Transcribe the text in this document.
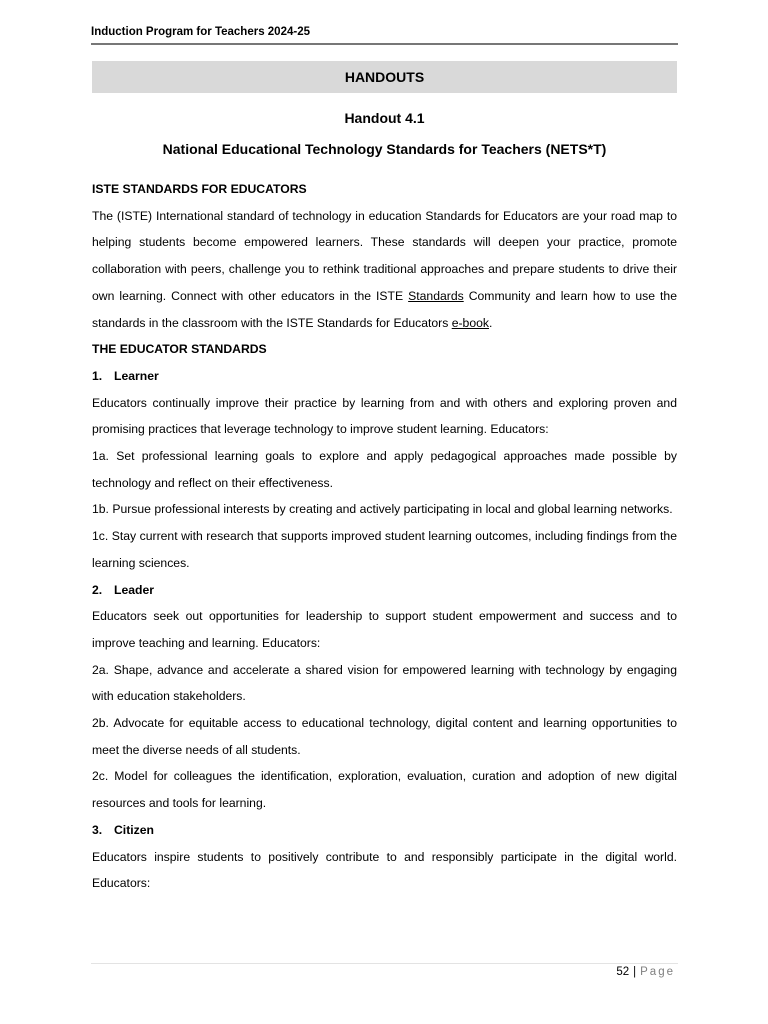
Induction Program for Teachers 2024-25
HANDOUTS
Handout 4.1
National Educational Technology Standards for Teachers (NETS*T)

ISTE STANDARDS FOR EDUCATORS

The (ISTE) International standard of technology in education Standards for Educators are your road map to helping students become empowered learners. These standards will deepen your practice, promote collaboration with peers, challenge you to rethink traditional approaches and prepare students to drive their own learning. Connect with other educators in the ISTE Standards Community and learn how to use the standards in the classroom with the ISTE Standards for Educators e-book.

THE EDUCATOR STANDARDS

1. Learner

Educators continually improve their practice by learning from and with others and exploring proven and promising practices that leverage technology to improve student learning. Educators:

1a. Set professional learning goals to explore and apply pedagogical approaches made possible by technology and reflect on their effectiveness.

1b. Pursue professional interests by creating and actively participating in local and global learning networks.

1c. Stay current with research that supports improved student learning outcomes, including findings from the learning sciences.

2. Leader

Educators seek out opportunities for leadership to support student empowerment and success and to improve teaching and learning. Educators:

2a. Shape, advance and accelerate a shared vision for empowered learning with technology by engaging with education stakeholders.

2b. Advocate for equitable access to educational technology, digital content and learning opportunities to meet the diverse needs of all students.

2c. Model for colleagues the identification, exploration, evaluation, curation and adoption of new digital resources and tools for learning.

3. Citizen

Educators inspire students to positively contribute to and responsibly participate in the digital world. Educators:

52 | Page
